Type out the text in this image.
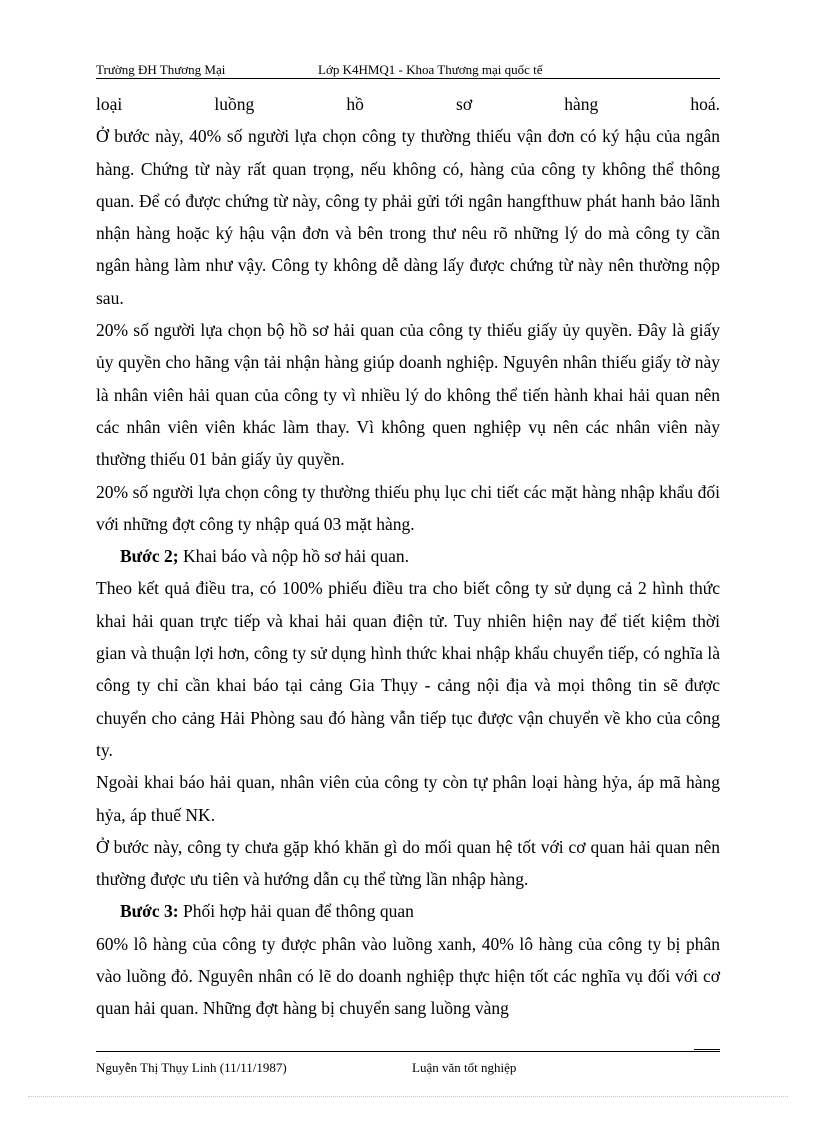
Trường ĐH Thương Mại	Lớp K4HMQ1 - Khoa Thương mại quốc tế

loại luồng hồ sơ hàng hoá.

Ở bước này, 40% số người lựa chọn công ty thường thiếu vận đơn có ký hậu của ngân hàng. Chứng từ này rất quan trọng, nếu không có, hàng của công ty không thể thông quan. Để có được chứng từ này, công ty phải gửi tới ngân hangfthuw phát hanh bảo lãnh nhận hàng hoặc ký hậu vận đơn và bên trong thư nêu rõ những lý do mà công ty cần ngân hàng làm như vậy. Công ty không dễ dàng lấy được chứng từ này nên thường nộp sau.

20% số người lựa chọn bộ hồ sơ hải quan của công ty thiếu giấy ủy quyền. Đây là giấy ủy quyền cho hãng vận tải nhận hàng giúp doanh nghiệp. Nguyên nhân thiếu giấy tờ này là nhân viên hải quan của công ty vì nhiều lý do không thể tiến hành khai hải quan nên các nhân viên viên khác làm thay. Vì không quen nghiệp vụ nên các nhân viên này thường thiếu 01 bản giấy ủy quyền.

20% số người lựa chọn công ty thường thiếu phụ lục chi tiết các mặt hàng nhập khẩu đối với những đợt công ty nhập quá 03 mặt hàng.

Bước 2; Khai báo và nộp hồ sơ hải quan.

Theo kết quả điều tra, có 100% phiếu điều tra cho biết công ty sử dụng cả 2 hình thức khai hải quan trực tiếp và khai hải quan điện tử. Tuy nhiên hiện nay để tiết kiệm thời gian và thuận lợi hơn, công ty sử dụng hình thức khai nhập khẩu chuyển tiếp, có nghĩa là công ty chỉ cần khai báo tại cảng Gia Thụy - cảng nội địa và mọi thông tin sẽ được chuyển cho cảng Hải Phòng sau đó hàng vẫn tiếp tục được vận chuyển về kho của công ty.

Ngoài khai báo hải quan, nhân viên của công ty còn tự phân loại hàng hỷa, áp mã hàng hỷa, áp thuế NK.

Ở bước này, công ty chưa gặp khó khăn gì do mối quan hệ tốt với cơ quan hải quan nên thường được ưu tiên và hướng dẫn cụ thể từng lần nhập hàng.

Bước 3: Phối hợp hải quan để thông quan

60% lô hàng của công ty được phân vào luồng xanh, 40% lô hàng của công ty bị phân vào luồng đỏ. Nguyên nhân có lẽ do doanh nghiệp thực hiện tốt các nghĩa vụ đối với cơ quan hải quan. Những đợt hàng bị chuyển sang luồng vàng

Nguyễn Thị Thụy Linh (11/11/1987)	Luận văn tốt nghiệp
